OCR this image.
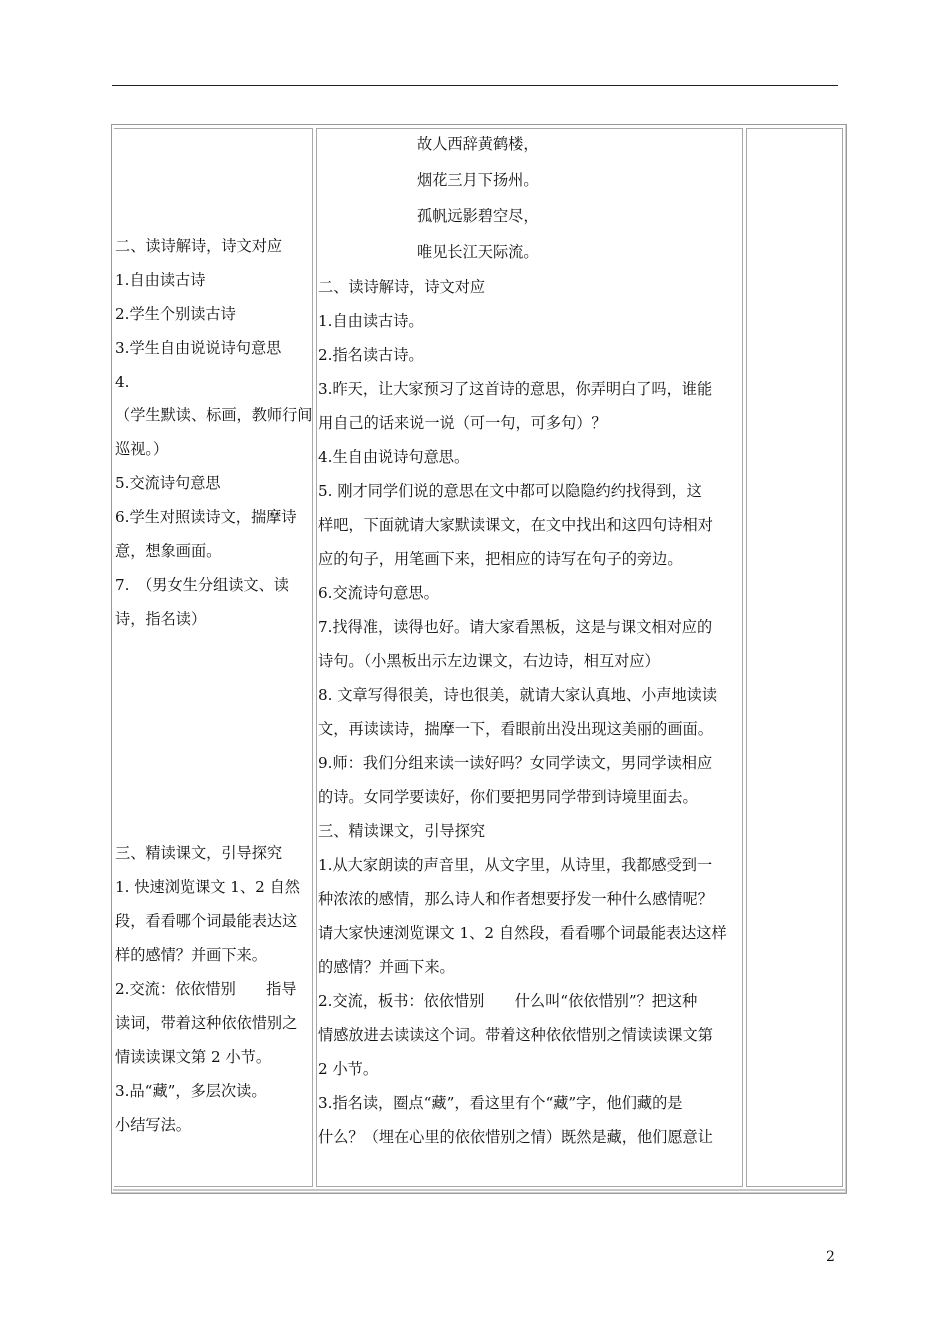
二、读诗解诗，诗文对应
1.自由读古诗
2.学生个别读古诗
3.学生自由说说诗句意思
4.
（学生默读、标画，教师行间
巡视。）
5.交流诗句意思
6.学生对照读诗文，揣摩诗
意，想象画面。
7.　（男女生分组读文、读
诗，指名读）
三、精读课文，引导探究
1. 快速浏览课文 1、2 自然
段，看看哪个词最能表达这
样的感情？并画下来。
2.交流：依依惜别　　指导
读词，带着这种依依惜别之
情读读课文第 2 小节。
3.品“藏”，多层次读。
小结写法。
故人西辞黄鹤楼，
烟花三月下扬州。
孤帆远影碧空尽，
唯见长江天际流。
二、读诗解诗，诗文对应
1.自由读古诗。
2.指名读古诗。
3.昨天，让大家预习了这首诗的意思，你弄明白了吗，谁能
用自己的话来说一说（可一句，可多句）？
4.生自由说诗句意思。
5. 刚才同学们说的意思在文中都可以隐隐约约找得到，这
样吧，下面就请大家默读课文，在文中找出和这四句诗相对
应的句子，用笔画下来，把相应的诗写在句子的旁边。
6.交流诗句意思。
7.找得准，读得也好。请大家看黑板，这是与课文相对应的
诗句。（小黑板出示左边课文，右边诗，相互对应）
8. 文章写得很美，诗也很美，就请大家认真地、小声地读读
文，再读读诗，揣摩一下，看眼前出没出现这美丽的画面。
9.师：我们分组来读一读好吗？女同学读文，男同学读相应
的诗。女同学要读好，你们要把男同学带到诗境里面去。
三、精读课文，引导探究
1.从大家朗读的声音里，从文字里，从诗里，我都感受到一
种浓浓的感情，那么诗人和作者想要抒发一种什么感情呢？
请大家快速浏览课文 1、2 自然段，看看哪个词最能表达这样
的感情？并画下来。
2.交流，板书：依依惜别　　什么叫“依依惜别”？把这种
情感放进去读读这个词。带着这种依依惜别之情读读课文第
2 小节。
3.指名读，圈点“藏”，看这里有个“藏”字，他们藏的是
什么？（埋在心里的依依惜别之情）既然是藏，他们愿意让
2
